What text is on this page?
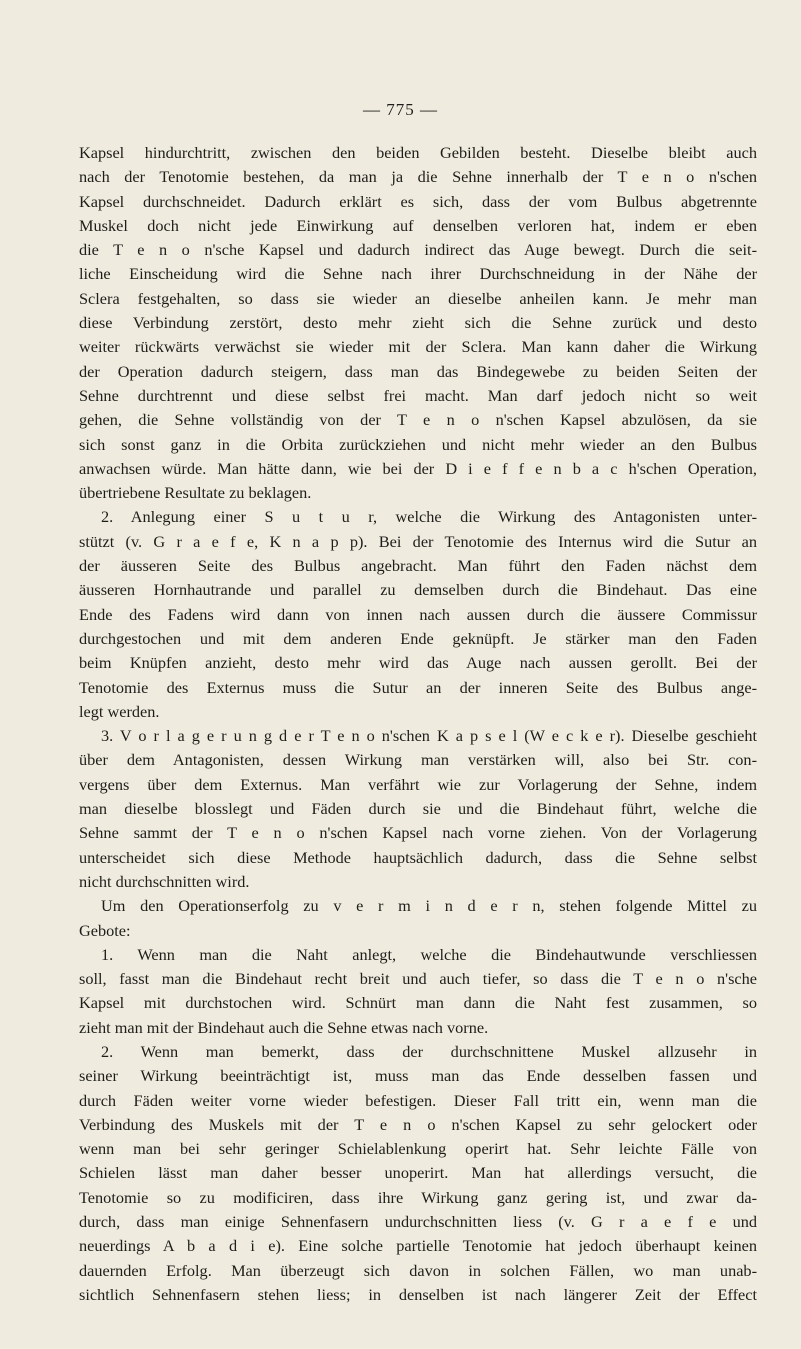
— 775 —
Kapsel hindurchtritt, zwischen den beiden Gebilden besteht. Dieselbe bleibt auch
nach der Tenotomie bestehen, da man ja die Sehne innerhalb der T e n o n'schen
Kapsel durchschneidet. Dadurch erklärt es sich, dass der vom Bulbus abgetrennte
Muskel doch nicht jede Einwirkung auf denselben verloren hat, indem er eben
die T e n o n'sche Kapsel und dadurch indirect das Auge bewegt. Durch die seit-
liche Einscheidung wird die Sehne nach ihrer Durchschneidung in der Nähe der
Sclera festgehalten, so dass sie wieder an dieselbe anheilen kann. Je mehr man
diese Verbindung zerstört, desto mehr zieht sich die Sehne zurück und desto
weiter rückwärts verwächst sie wieder mit der Sclera. Man kann daher die Wirkung
der Operation dadurch steigern, dass man das Bindegewebe zu beiden Seiten der
Sehne durchtrennt und diese selbst frei macht. Man darf jedoch nicht so weit
gehen, die Sehne vollständig von der T e n o n'schen Kapsel abzulösen, da sie
sich sonst ganz in die Orbita zurückziehen und nicht mehr wieder an den Bulbus
anwachsen würde. Man hätte dann, wie bei der D i e f f e n b a c h'schen Operation,
übertriebene Resultate zu beklagen.
2. Anlegung einer S u t u r, welche die Wirkung des Antagonisten unter-
stützt (v. G r a e f e, K n a p p). Bei der Tenotomie des Internus wird die Sutur an
der äusseren Seite des Bulbus angebracht. Man führt den Faden nächst dem
äusseren Hornhautrande und parallel zu demselben durch die Bindehaut. Das eine
Ende des Fadens wird dann von innen nach aussen durch die äussere Commissur
durchgestochen und mit dem anderen Ende geknüpft. Je stärker man den Faden
beim Knüpfen anzieht, desto mehr wird das Auge nach aussen gerollt. Bei der
Tenotomie des Externus muss die Sutur an der inneren Seite des Bulbus ange-
legt werden.
3. V o r l a g e r u n g d e r T e n o n'schen K a p s e l (W e c k e r). Dieselbe geschieht
über dem Antagonisten, dessen Wirkung man verstärken will, also bei Str. con-
vergens über dem Externus. Man verfährt wie zur Vorlagerung der Sehne, indem
man dieselbe blosslegt und Fäden durch sie und die Bindehaut führt, welche die
Sehne sammt der T e n o n'schen Kapsel nach vorne ziehen. Von der Vorlagerung
unterscheidet sich diese Methode hauptsächlich dadurch, dass die Sehne selbst
nicht durchschnitten wird.
Um den Operationserfolg zu v e r m i n d e r n, stehen folgende Mittel zu
Gebote:
1. Wenn man die Naht anlegt, welche die Bindehautwunde verschliessen
soll, fasst man die Bindehaut recht breit und auch tiefer, so dass die T e n o n'sche
Kapsel mit durchstochen wird. Schnürt man dann die Naht fest zusammen, so
zieht man mit der Bindehaut auch die Sehne etwas nach vorne.
2. Wenn man bemerkt, dass der durchschnittene Muskel allzusehr in
seiner Wirkung beeinträchtigt ist, muss man das Ende desselben fassen und
durch Fäden weiter vorne wieder befestigen. Dieser Fall tritt ein, wenn man die
Verbindung des Muskels mit der T e n o n'schen Kapsel zu sehr gelockert oder
wenn man bei sehr geringer Schielablenkung operirt hat. Sehr leichte Fälle von
Schielen lässt man daher besser unoperirt. Man hat allerdings versucht, die
Tenotomie so zu modificiren, dass ihre Wirkung ganz gering ist, und zwar da-
durch, dass man einige Sehnenfasern undurchschnitten liess (v. G r a e f e und
neuerdings A b a d i e). Eine solche partielle Tenotomie hat jedoch überhaupt keinen
dauernden Erfolg. Man überzeugt sich davon in solchen Fällen, wo man unab-
sichtlich Sehnenfasern stehen liess; in denselben ist nach längerer Zeit der Effect
